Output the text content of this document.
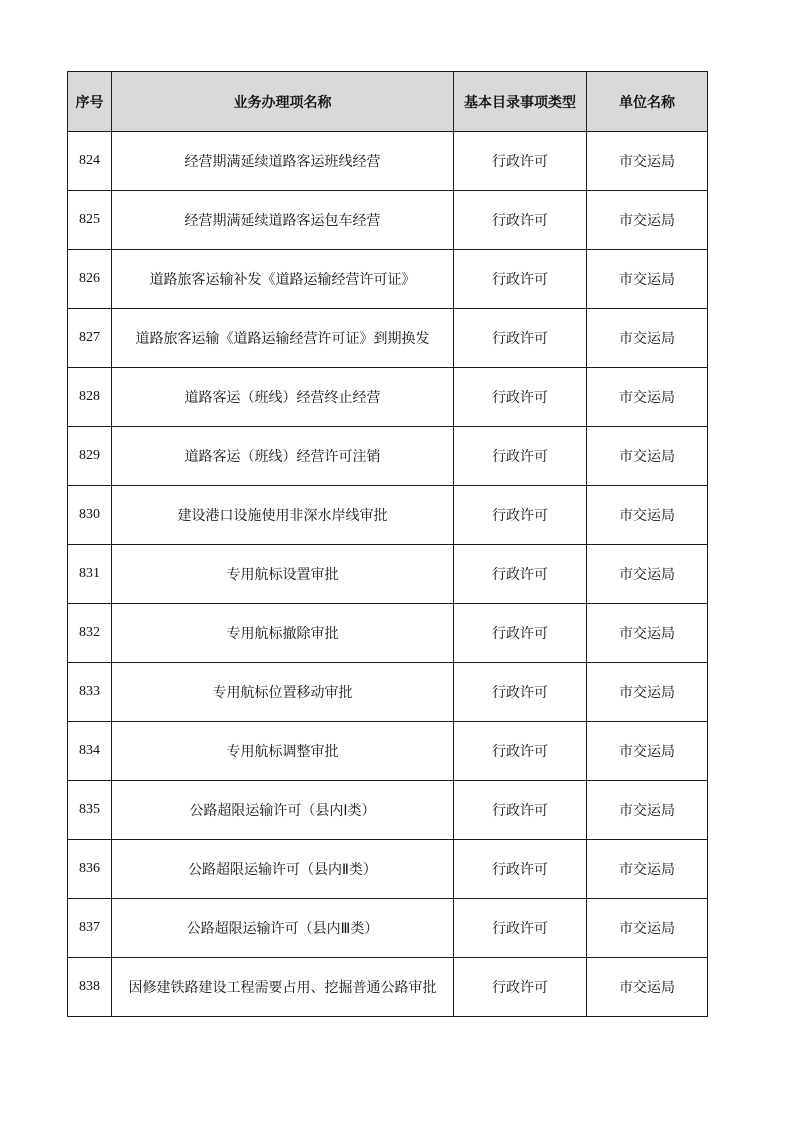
序号	业务办理项名称	基本目录事项类型	单位名称
824	经营期满延续道路客运班线经营	行政许可	市交运局
825	经营期满延续道路客运包车经营	行政许可	市交运局
826	道路旅客运输补发《道路运输经营许可证》	行政许可	市交运局
827	道路旅客运输《道路运输经营许可证》到期换发	行政许可	市交运局
828	道路客运（班线）经营终止经营	行政许可	市交运局
829	道路客运（班线）经营许可注销	行政许可	市交运局
830	建设港口设施使用非深水岸线审批	行政许可	市交运局
831	专用航标设置审批	行政许可	市交运局
832	专用航标撤除审批	行政许可	市交运局
833	专用航标位置移动审批	行政许可	市交运局
834	专用航标调整审批	行政许可	市交运局
835	公路超限运输许可（县内Ⅰ类）	行政许可	市交运局
836	公路超限运输许可（县内Ⅱ类）	行政许可	市交运局
837	公路超限运输许可（县内Ⅲ类）	行政许可	市交运局
838	因修建铁路建设工程需要占用、挖掘普通公路审批	行政许可	市交运局
